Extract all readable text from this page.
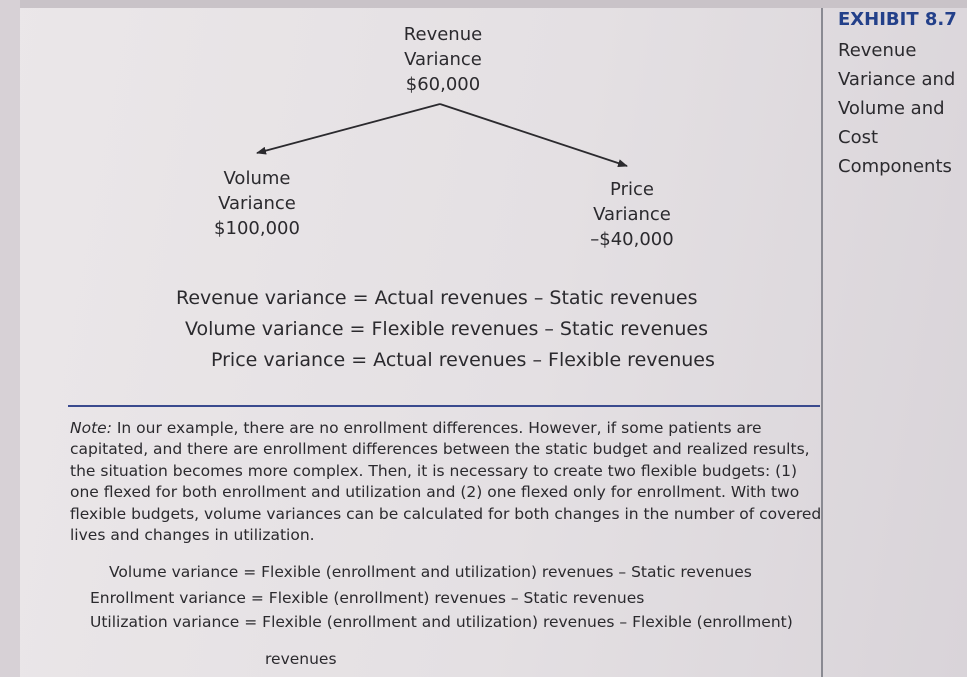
EXHIBIT 8.7
Revenue Variance and Volume and Cost Components
Revenue
Variance
$60,000
Volume
Variance
$100,000
Price
Variance
–$40,000
Revenue variance = Actual revenues – Static revenues
Volume variance = Flexible revenues – Static revenues
Price variance = Actual revenues – Flexible revenues
Note: In our example, there are no enrollment differences. However, if some patients are capitated, and there are enrollment differences between the static budget and realized results, the situation becomes more complex. Then, it is necessary to create two flexible budgets: (1) one flexed for both enrollment and utilization and (2) one flexed only for enrollment. With two flexible budgets, volume variances can be calculated for both changes in the number of covered lives and changes in utilization.
Volume variance = Flexible (enrollment and utilization) revenues – Static revenues
Enrollment variance = Flexible (enrollment) revenues – Static revenues
Utilization variance = Flexible (enrollment and utilization) revenues – Flexible (enrollment)
revenues
